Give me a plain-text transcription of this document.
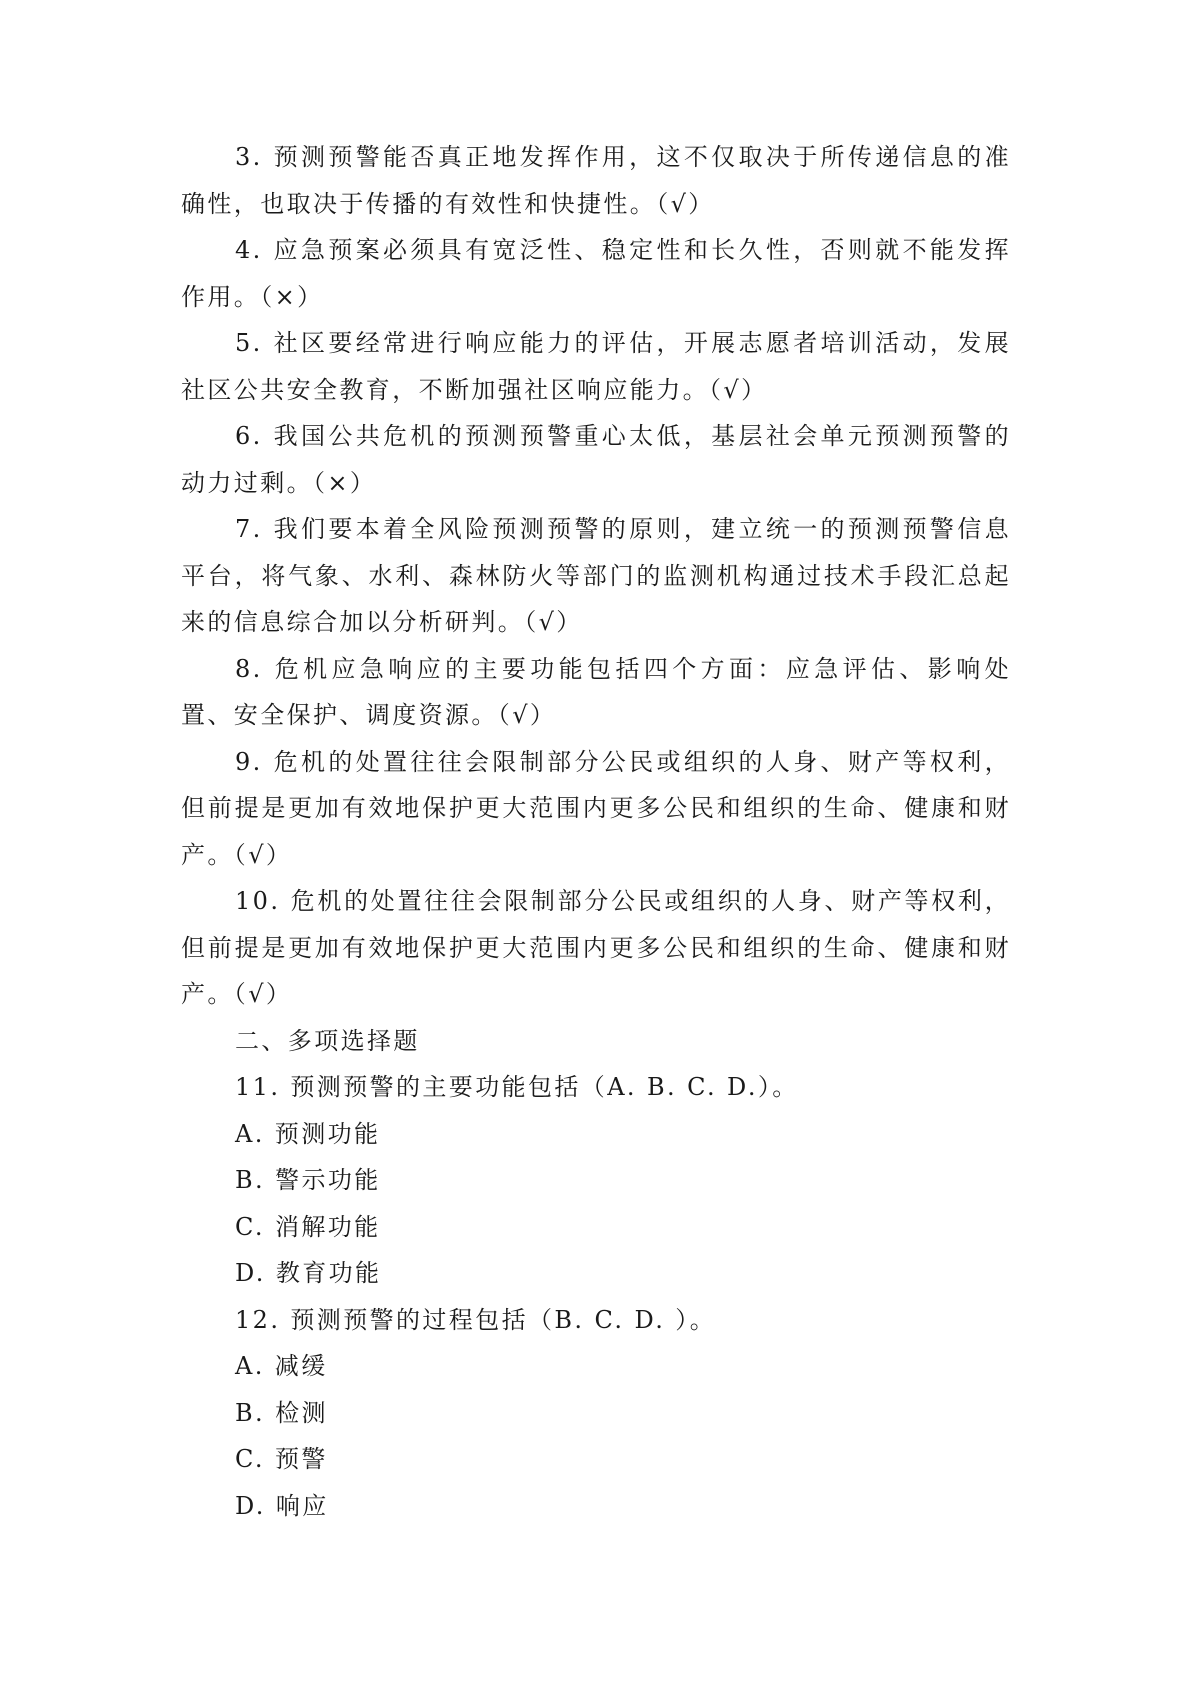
3. 预测预警能否真正地发挥作用，这不仅取决于所传递信息的准确性，也取决于传播的有效性和快捷性。（√）

4. 应急预案必须具有宽泛性、稳定性和长久性，否则就不能发挥作用。（×）

5. 社区要经常进行响应能力的评估，开展志愿者培训活动，发展社区公共安全教育，不断加强社区响应能力。（√）

6. 我国公共危机的预测预警重心太低，基层社会单元预测预警的动力过剩。（×）

7. 我们要本着全风险预测预警的原则，建立统一的预测预警信息平台，将气象、水利、森林防火等部门的监测机构通过技术手段汇总起来的信息综合加以分析研判。（√）

8. 危机应急响应的主要功能包括四个方面：应急评估、影响处置、安全保护、调度资源。（√）

9. 危机的处置往往会限制部分公民或组织的人身、财产等权利，但前提是更加有效地保护更大范围内更多公民和组织的生命、健康和财产。（√）

10. 危机的处置往往会限制部分公民或组织的人身、财产等权利，但前提是更加有效地保护更大范围内更多公民和组织的生命、健康和财产。（√）

二、多项选择题

11. 预测预警的主要功能包括（A. B. C. D.）。

A. 预测功能

B. 警示功能

C. 消解功能

D. 教育功能

12. 预测预警的过程包括（B. C. D. ）。

A. 减缓

B. 检测

C. 预警

D. 响应
